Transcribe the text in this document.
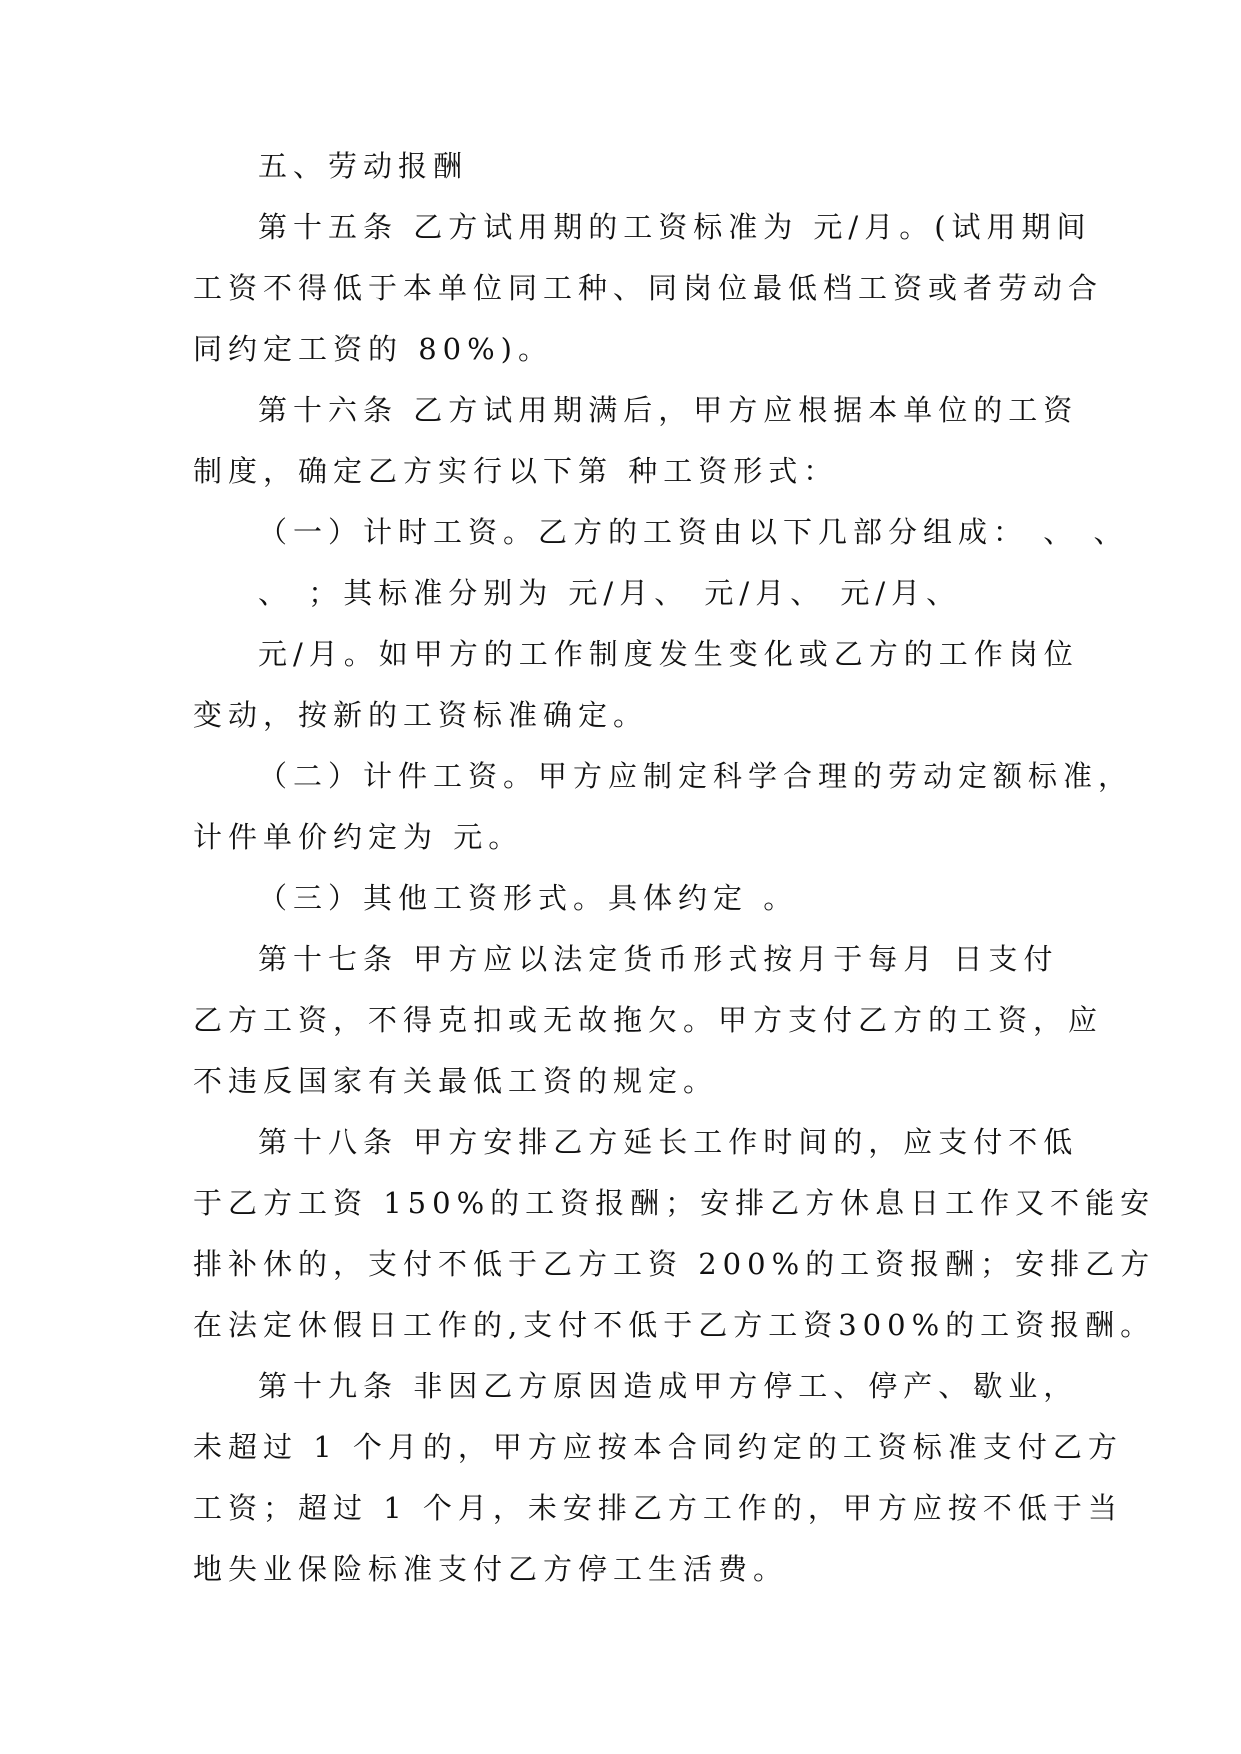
五、劳动报酬
第十五条 乙方试用期的工资标准为 元/月。(试用期间
工资不得低于本单位同工种、同岗位最低档工资或者劳动合
同约定工资的 80%)。
第十六条 乙方试用期满后，甲方应根据本单位的工资
制度，确定乙方实行以下第 种工资形式：
（一）计时工资。乙方的工资由以下几部分组成： 、 、
、 ；其标准分别为 元/月、 元/月、 元/月、
元/月。如甲方的工作制度发生变化或乙方的工作岗位
变动，按新的工资标准确定。
（二）计件工资。甲方应制定科学合理的劳动定额标准，
计件单价约定为 元。
（三）其他工资形式。具体约定 。
第十七条 甲方应以法定货币形式按月于每月 日支付
乙方工资，不得克扣或无故拖欠。甲方支付乙方的工资，应
不违反国家有关最低工资的规定。
第十八条 甲方安排乙方延长工作时间的，应支付不低
于乙方工资 150%的工资报酬；安排乙方休息日工作又不能安
排补休的，支付不低于乙方工资 200%的工资报酬；安排乙方
在法定休假日工作的,支付不低于乙方工资300%的工资报酬。
第十九条 非因乙方原因造成甲方停工、停产、歇业，
未超过 1 个月的，甲方应按本合同约定的工资标准支付乙方
工资；超过 1 个月，未安排乙方工作的，甲方应按不低于当
地失业保险标准支付乙方停工生活费。
